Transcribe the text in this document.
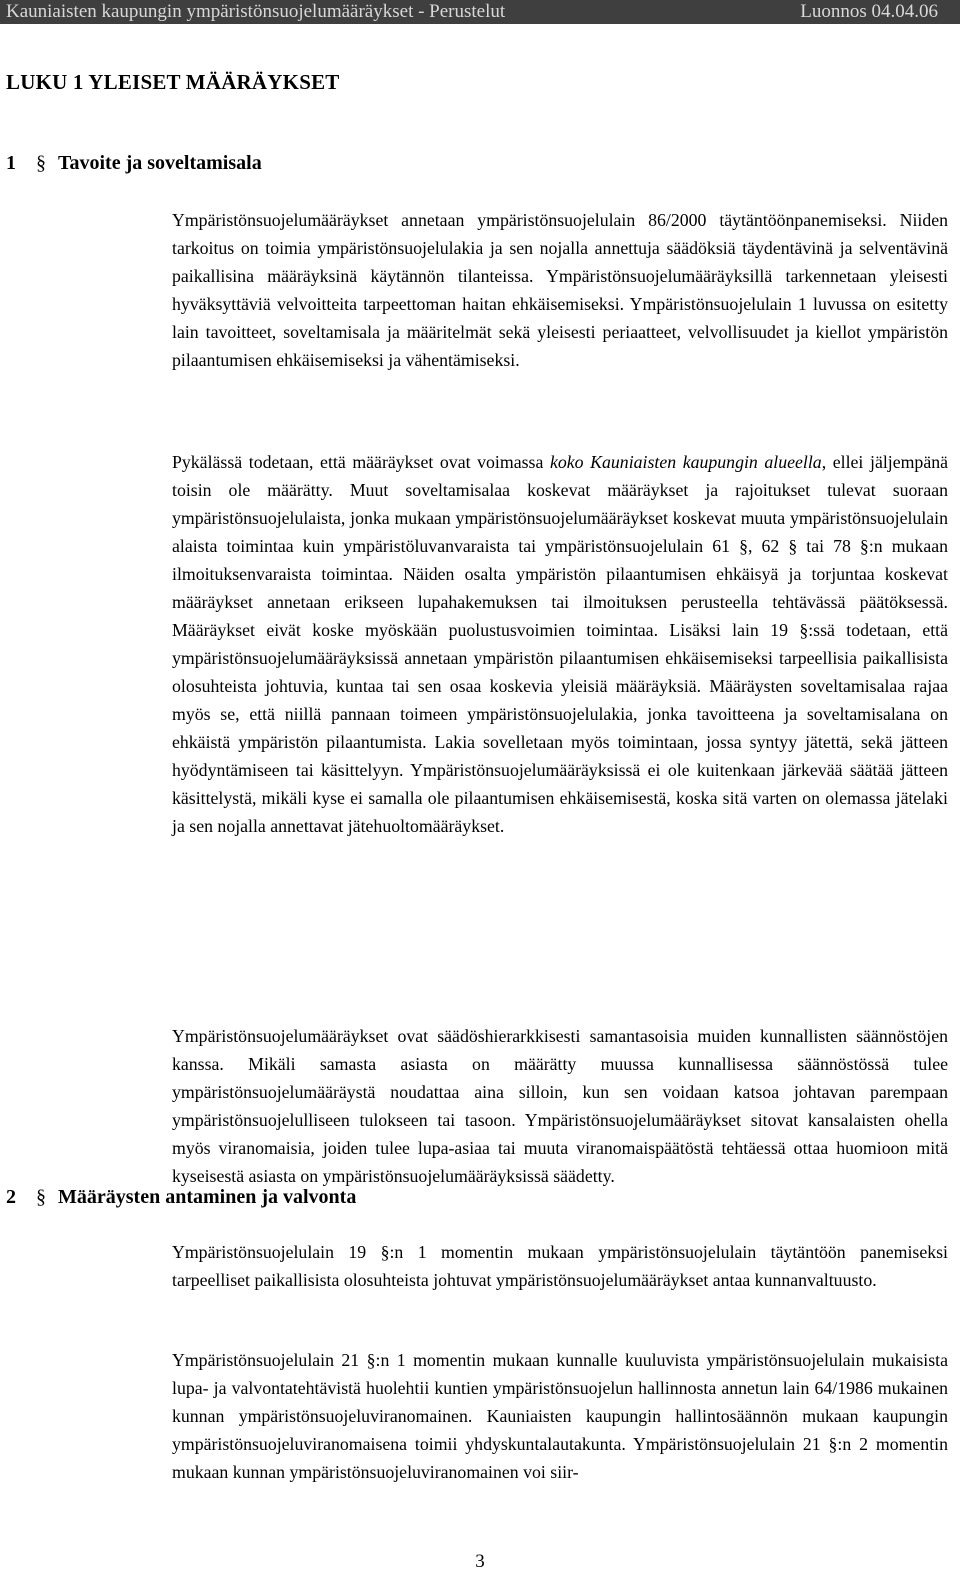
Kauniaisten kaupungin ympäristönsuojelumääräykset - Perustelut	Luonnos 04.04.06
LUKU 1 YLEISET MÄÄRÄYKSET
1 § Tavoite ja soveltamisala

Ympäristönsuojelumääräykset annetaan ympäristönsuojelulain 86/2000 täytäntöönpanemiseksi. Niiden tarkoitus on toimia ympäristönsuojelulakia ja sen nojalla annettuja säädöksiä täydentävinä ja selventävinä paikallisina määräyksinä käytännön tilanteissa. Ympäristönsuojelumääräyksillä tarkennetaan yleisesti hyväksyttäviä velvoitteita tarpeettoman haitan ehkäisemiseksi. Ympäristönsuojelulain 1 luvussa on esitetty lain tavoitteet, soveltamisala ja määritelmät sekä yleisesti periaatteet, velvollisuudet ja kiellot ympäristön pilaantumisen ehkäisemiseksi ja vähentämiseksi.

Pykälässä todetaan, että määräykset ovat voimassa koko Kauniaisten kaupungin alueella, ellei jäljempänä toisin ole määrätty. Muut soveltamisalaa koskevat määräykset ja rajoitukset tulevat suoraan ympäristönsuojelulaista, jonka mukaan ympäristönsuojelumääräykset koskevat muuta ympäristönsuojelulain alaista toimintaa kuin ympäristöluvanvaraista tai ympäristönsuojelulain 61 §, 62 § tai 78 §:n mukaan ilmoituksenvaraista toimintaa. Näiden osalta ympäristön pilaantumisen ehkäisyä ja torjuntaa koskevat määräykset annetaan erikseen lupahakemuksen tai ilmoituksen perusteella tehtävässä päätöksessä. Määräykset eivät koske myöskään puolustusvoimien toimintaa. Lisäksi lain 19 §:ssä todetaan, että ympäristönsuojelumääräyksissä annetaan ympäristön pilaantumisen ehkäisemiseksi tarpeellisia paikallisista olosuhteista johtuvia, kuntaa tai sen osaa koskevia yleisiä määräyksiä. Määräysten soveltamisalaa rajaa myös se, että niillä pannaan toimeen ympäristönsuojelulakia, jonka tavoitteena ja soveltamisalana on ehkäistä ympäristön pilaantumista. Lakia sovelletaan myös toimintaan, jossa syntyy jätettä, sekä jätteen hyödyntämiseen tai käsittelyyn. Ympäristönsuojelumääräyksissä ei ole kuitenkaan järkevää säätää jätteen käsittelystä, mikäli kyse ei samalla ole pilaantumisen ehkäisemisestä, koska sitä varten on olemassa jätelaki ja sen nojalla annettavat jätehuoltomääräykset.

Ympäristönsuojelumääräykset ovat säädöshierarkkisesti samantasoisia muiden kunnallisten säännöstöjen kanssa. Mikäli samasta asiasta on määrätty muussa kunnallisessa säännöstössä tulee ympäristönsuojelumääräystä noudattaa aina silloin, kun sen voidaan katsoa johtavan parempaan ympäristönsuojelulliseen tulokseen tai tasoon. Ympäristönsuojelumääräykset sitovat kansalaisten ohella myös viranomaisia, joiden tulee lupa-asiaa tai muuta viranomaispäätöstä tehtäessä ottaa huomioon mitä kyseisestä asiasta on ympäristönsuojelumääräyksissä säädetty.

2 § Määräysten antaminen ja valvonta

Ympäristönsuojelulain 19 §:n 1 momentin mukaan ympäristönsuojelulain täytäntöön panemiseksi tarpeelliset paikallisista olosuhteista johtuvat ympäristönsuojelumääräykset antaa kunnanvaltuusto.

Ympäristönsuojelulain 21 §:n 1 momentin mukaan kunnalle kuuluvista ympäristönsuojelulain mukaisista lupa- ja valvontatehtävistä huolehtii kuntien ympäristönsuojelun hallinnosta annetun lain 64/1986 mukainen kunnan ympäristönsuojeluviranomainen. Kauniaisten kaupungin hallintosäännön mukaan kaupungin ympäristönsuojeluviranomaisena toimii yhdyskuntalautakunta. Ympäristönsuojelulain 21 §:n 2 momentin mukaan kunnan ympäristönsuojeluviranomainen voi siir-

3
